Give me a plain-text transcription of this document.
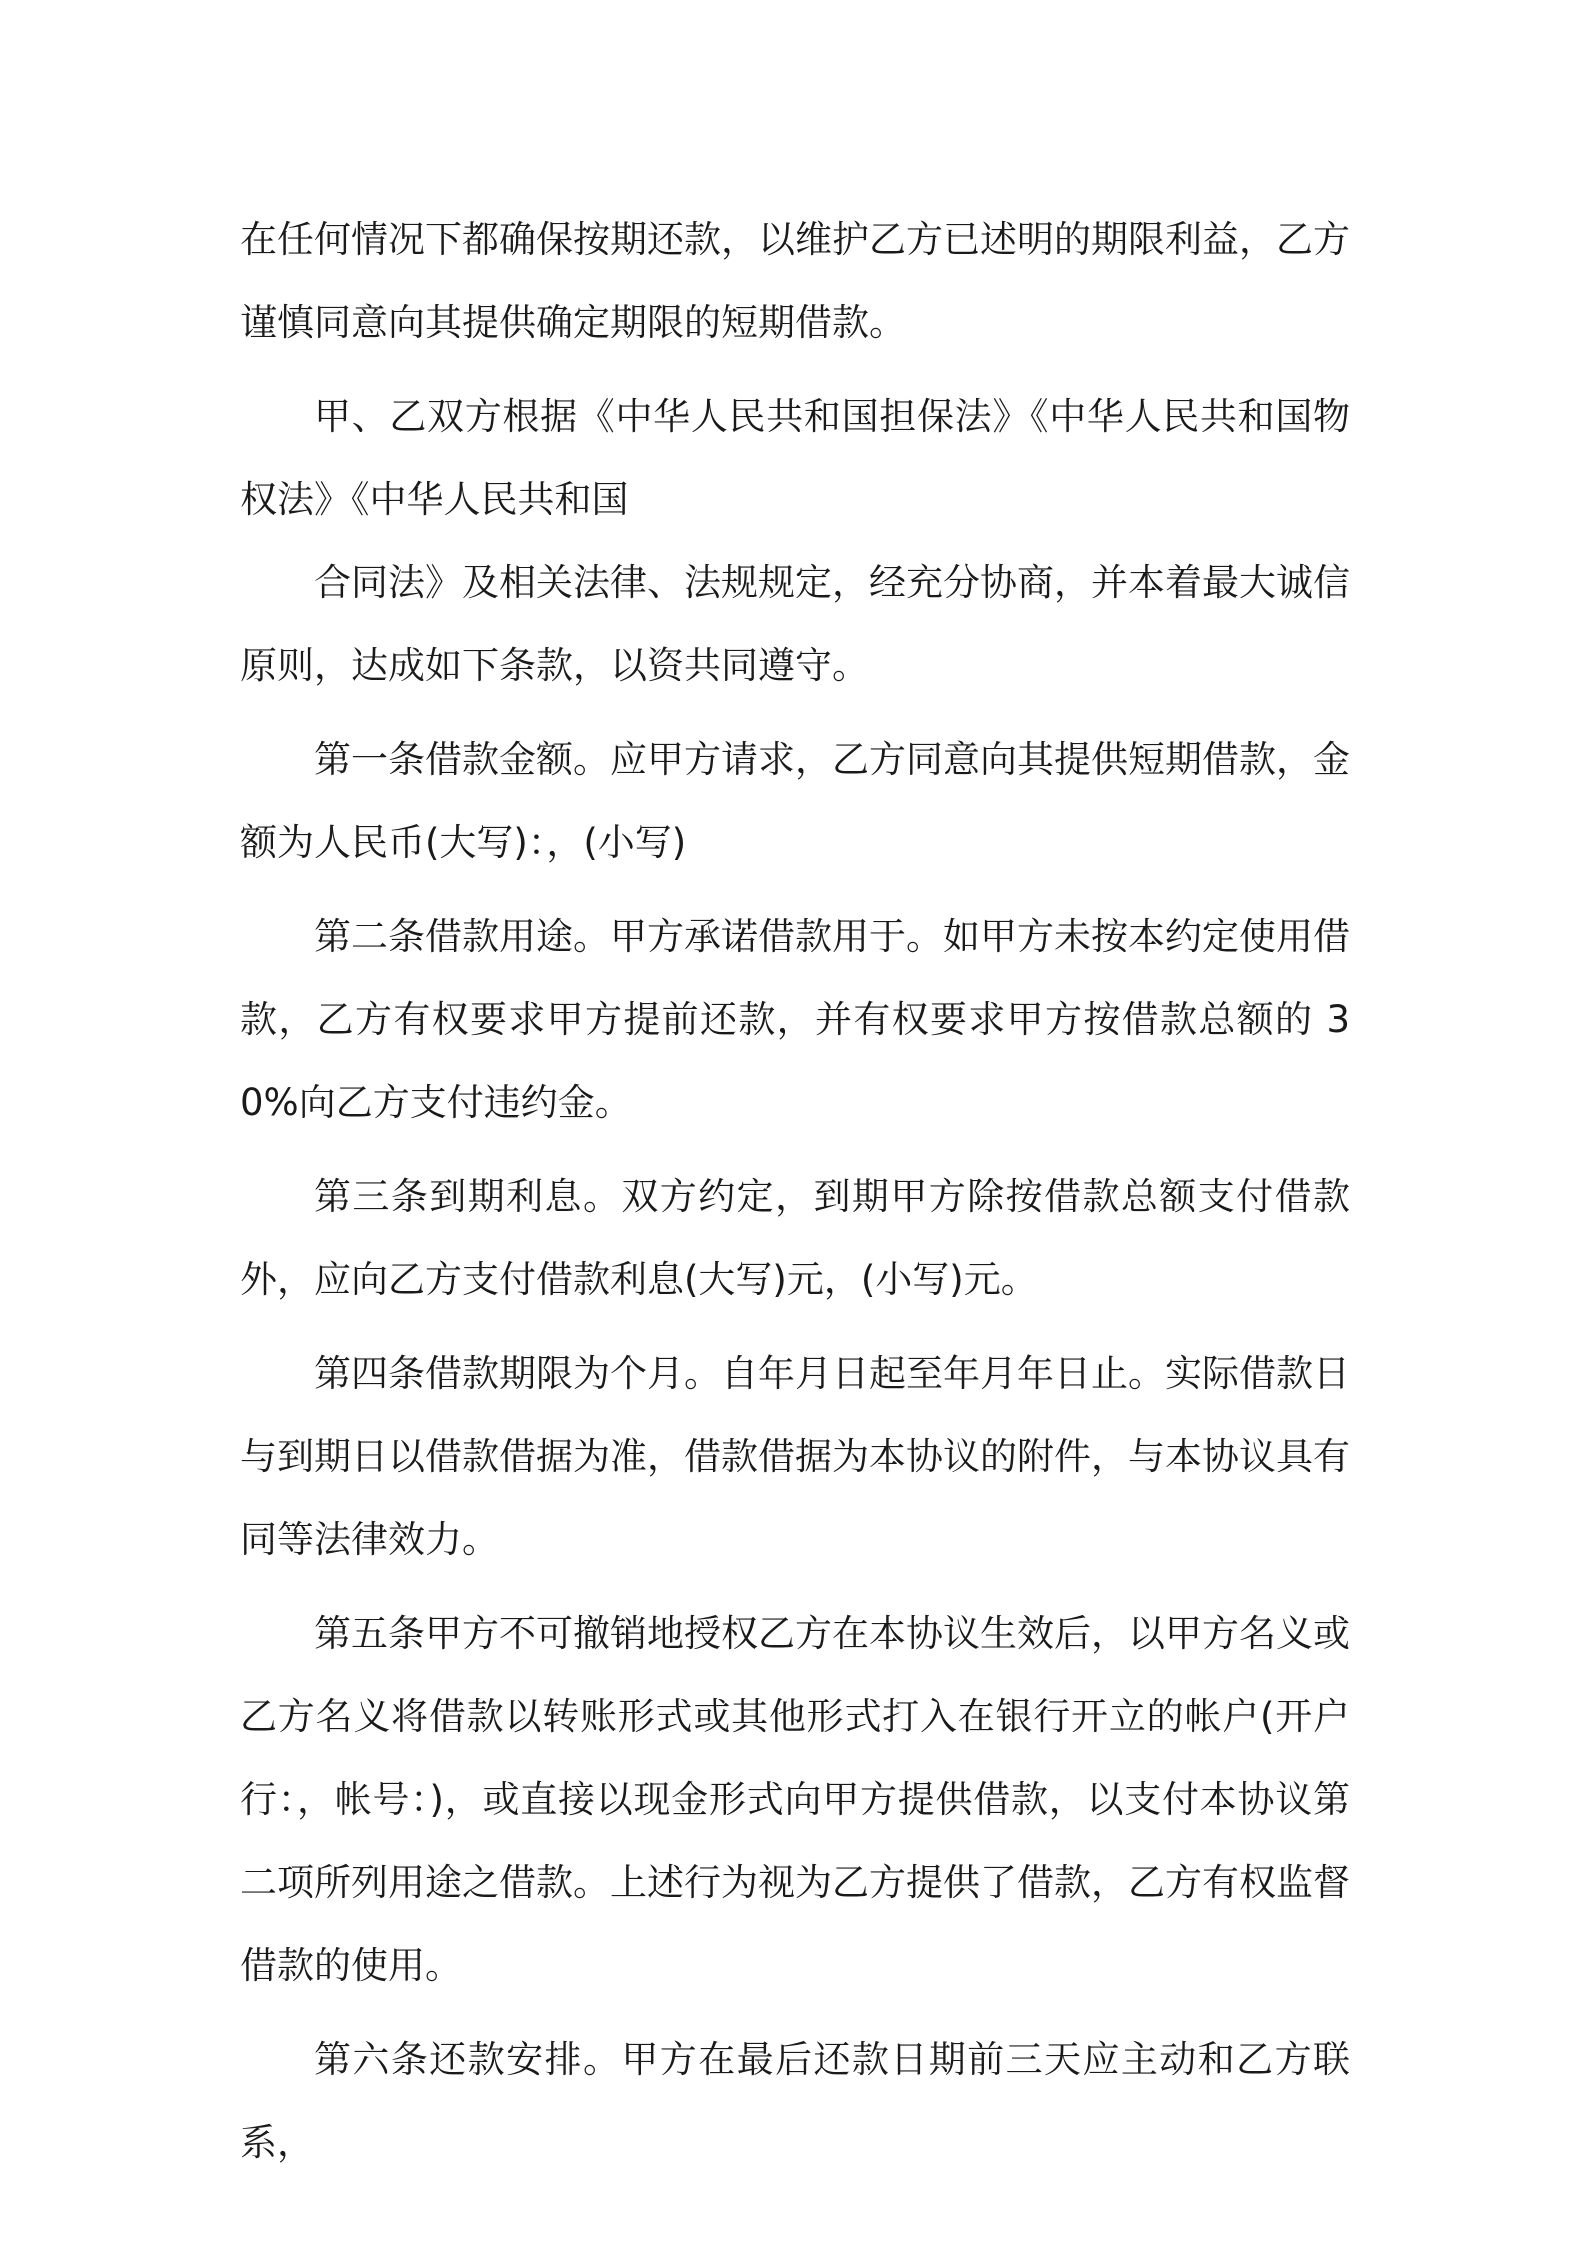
在任何情况下都确保按期还款，以维护乙方已述明的期限利益，乙方谨慎同意向其提供确定期限的短期借款。

甲、乙双方根据《中华人民共和国担保法》《中华人民共和国物权法》《中华人民共和国

合同法》及相关法律、法规规定，经充分协商，并本着最大诚信原则，达成如下条款，以资共同遵守。

第一条借款金额。应甲方请求，乙方同意向其提供短期借款，金额为人民币(大写)：，(小写)

第二条借款用途。甲方承诺借款用于。如甲方未按本约定使用借款，乙方有权要求甲方提前还款，并有权要求甲方按借款总额的 30%向乙方支付违约金。

第三条到期利息。双方约定，到期甲方除按借款总额支付借款外，应向乙方支付借款利息(大写)元，(小写)元。

第四条借款期限为个月。自年月日起至年月年日止。实际借款日与到期日以借款借据为准，借款借据为本协议的附件，与本协议具有同等法律效力。

第五条甲方不可撤销地授权乙方在本协议生效后，以甲方名义或乙方名义将借款以转账形式或其他形式打入在银行开立的帐户(开户行：，帐号：)，或直接以现金形式向甲方提供借款，以支付本协议第二项所列用途之借款。上述行为视为乙方提供了借款，乙方有权监督借款的使用。

第六条还款安排。甲方在最后还款日期前三天应主动和乙方联系，
